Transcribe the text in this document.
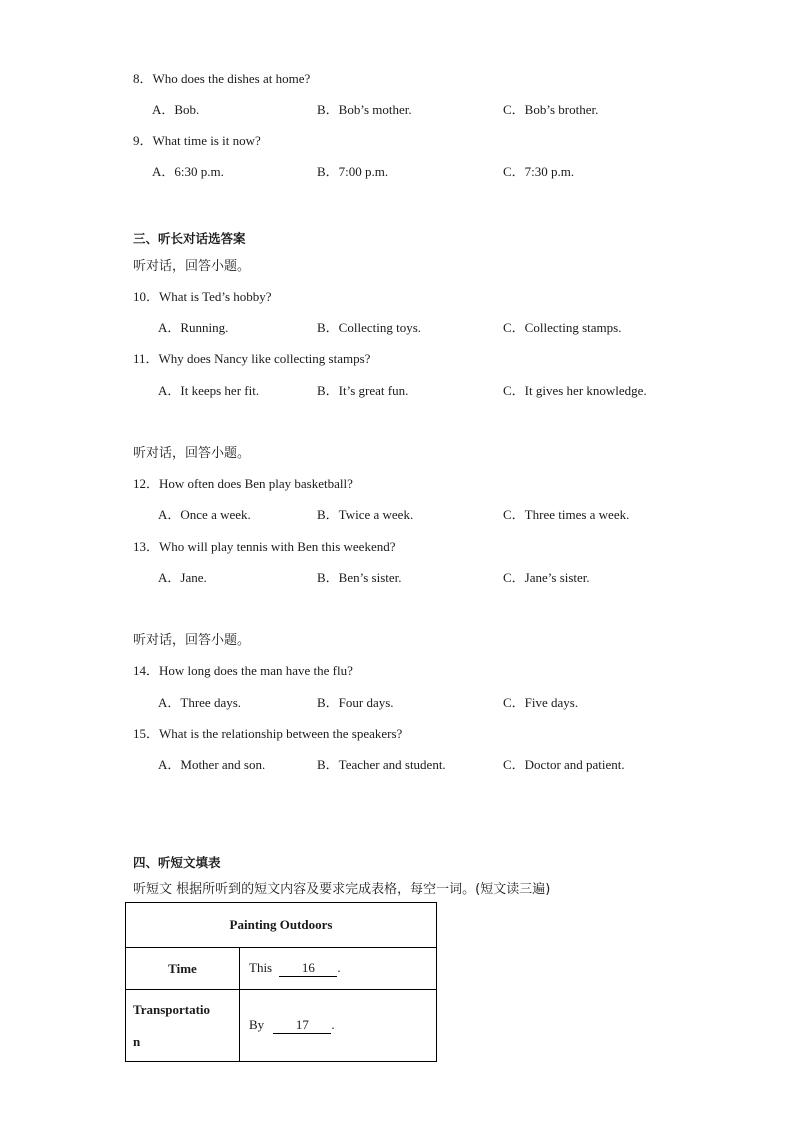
8．Who does the dishes at home?
A．Bob.	B．Bob’s mother.	C．Bob’s brother.
9．What time is it now?
A．6:30 p.m.	B．7:00 p.m.	C．7:30 p.m.
三、听长对话选答案
听对话，回答小题。
10．What is Ted’s hobby?
A．Running.	B．Collecting toys.	C．Collecting stamps.
11．Why does Nancy like collecting stamps?
A．It keeps her fit.	B．It’s great fun.	C．It gives her knowledge.
听对话，回答小题。
12．How often does Ben play basketball?
A．Once a week.	B．Twice a week.	C．Three times a week.
13．Who will play tennis with Ben this weekend?
A．Jane.	B．Ben’s sister.	C．Jane’s sister.
听对话，回答小题。
14．How long does the man have the flu?
A．Three days.	B．Four days.	C．Five days.
15．What is the relationship between the speakers?
A．Mother and son.	B．Teacher and student.	C．Doctor and patient.
四、听短文填表
听短文 根据所听到的短文内容及要求完成表格，每空一词。(短文读三遍)
Painting Outdoors	
Time	This 16 .
Transportatio
n	By 17 .
